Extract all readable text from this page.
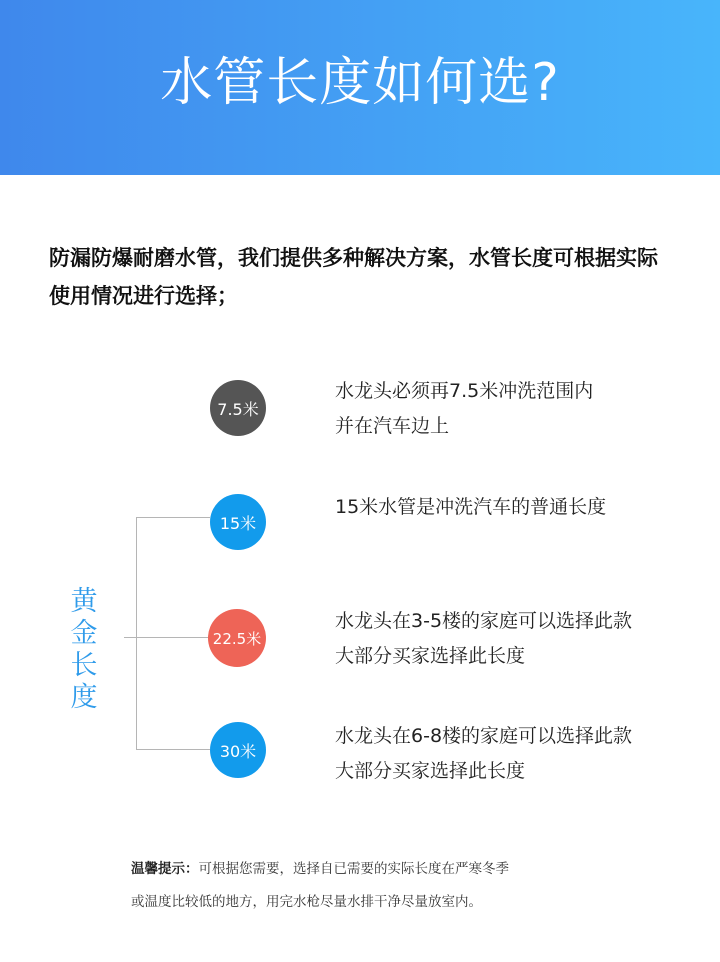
水管长度如何选?
防漏防爆耐磨水管，我们提供多种解决方案，水管长度可根据实际
使用情况进行选择；
黄金长度
7.5米
水龙头必须再7.5米冲洗范围内
并在汽车边上
15米
15米水管是冲洗汽车的普通长度
22.5米
水龙头在3-5楼的家庭可以选择此款
大部分买家选择此长度
30米
水龙头在6-8楼的家庭可以选择此款
大部分买家选择此长度
温馨提示：可根据您需要，选择自已需要的实际长度在严寒冬季
或温度比较低的地方，用完水枪尽量水排干净尽量放室内。
